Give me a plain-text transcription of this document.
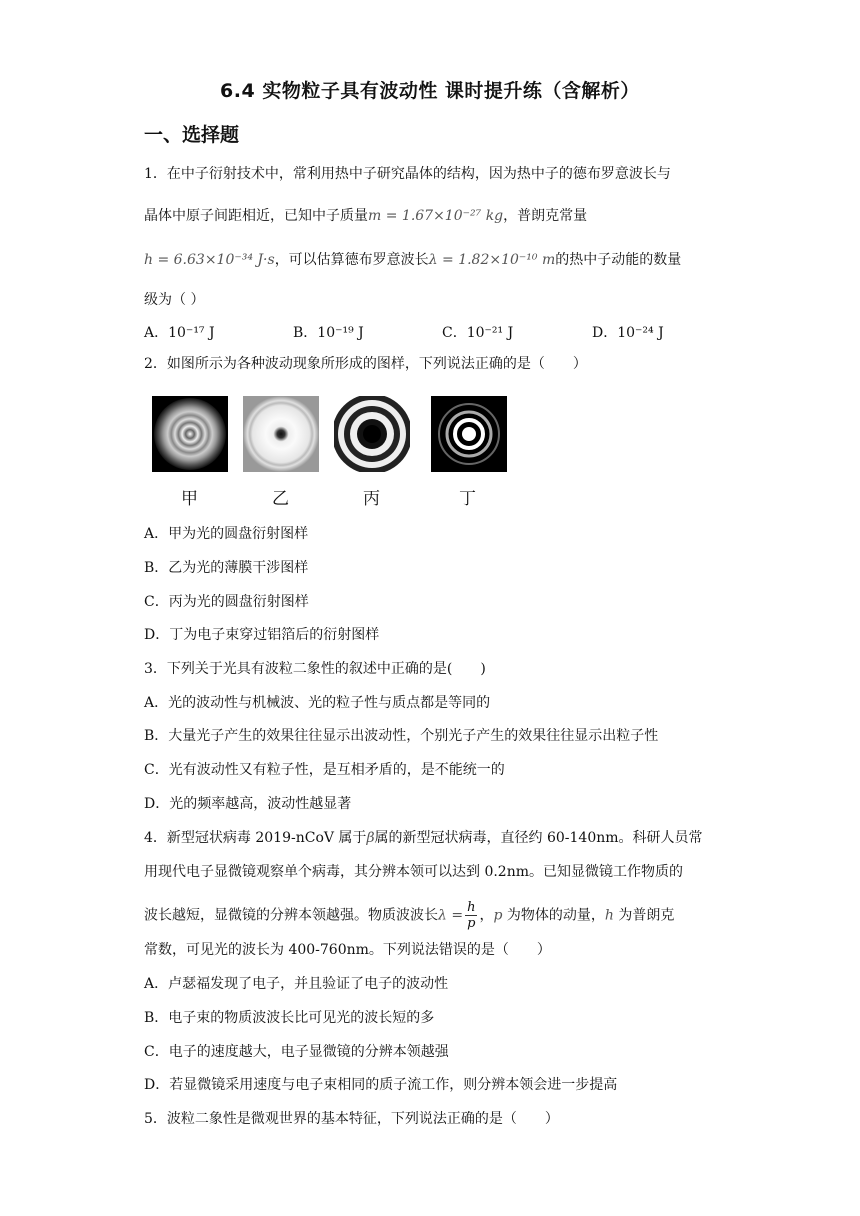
6.4 实物粒子具有波动性 课时提升练（含解析）
一、选择题
1．在中子衍射技术中，常利用热中子研究晶体的结构，因为热中子的德布罗意波长与
晶体中原子间距相近，已知中子质量m = 1.67×10⁻²⁷ kg，普朗克常量
h = 6.63×10⁻³⁴ J·s，可以估算德布罗意波长λ = 1.82×10⁻¹⁰ m的热中子动能的数量
级为（ ）
A．10⁻¹⁷ J	B．10⁻¹⁹ J	C．10⁻²¹ J	D．10⁻²⁴ J
2．如图所示为各种波动现象所形成的图样，下列说法正确的是（　　）
甲	乙	丙	丁
A．甲为光的圆盘衍射图样
B．乙为光的薄膜干涉图样
C．丙为光的圆盘衍射图样
D．丁为电子束穿过铝箔后的衍射图样
3．下列关于光具有波粒二象性的叙述中正确的是(　　)
A．光的波动性与机械波、光的粒子性与质点都是等同的
B．大量光子产生的效果往往显示出波动性，个别光子产生的效果往往显示出粒子性
C．光有波动性又有粒子性，是互相矛盾的，是不能统一的
D．光的频率越高，波动性越显著
4．新型冠状病毒 2019-nCoV 属于β属的新型冠状病毒，直径约 60-140nm。科研人员常
用现代电子显微镜观察单个病毒，其分辨本领可以达到 0.2nm。已知显微镜工作物质的
波长越短，显微镜的分辨本领越强。物质波波长$\lambda = \frac{h}{p}$ ，p 为物体的动量，h 为普朗克
常数，可见光的波长为 400-760nm。下列说法错误的是（　　）
A．卢瑟福发现了电子，并且验证了电子的波动性
B．电子束的物质波波长比可见光的波长短的多
C．电子的速度越大，电子显微镜的分辨本领越强
D．若显微镜采用速度与电子束相同的质子流工作，则分辨本领会进一步提高
5．波粒二象性是微观世界的基本特征，下列说法正确的是（　　）
